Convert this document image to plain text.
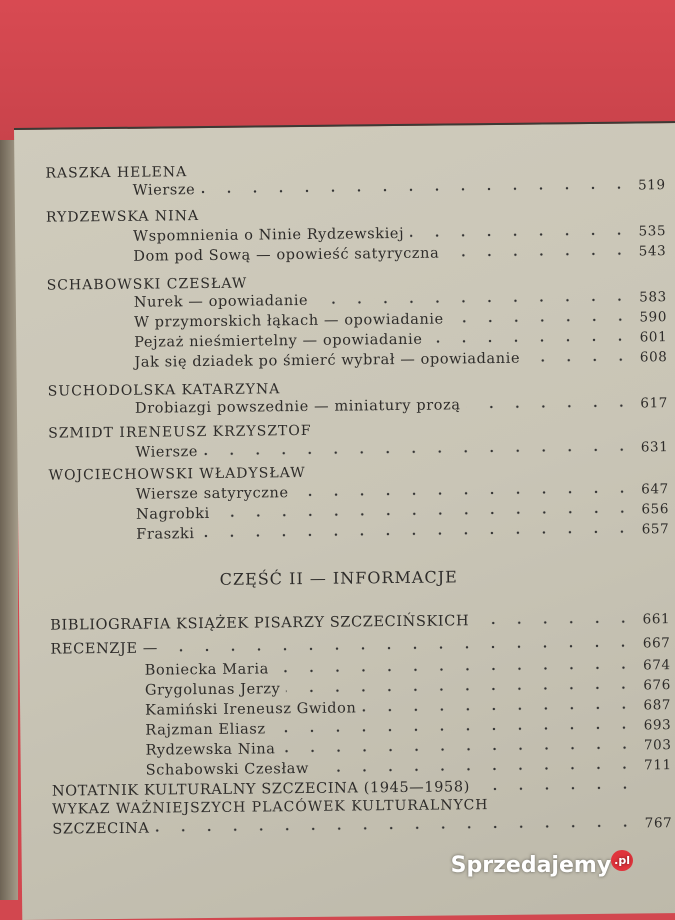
RASZKA HELENA
Wiersze	519
RYDZEWSKA NINA
Wspomnienia o Ninie Rydzewskiej	535
Dom pod Sową — opowieść satyryczna	543
SCHABOWSKI CZESŁAW
Nurek — opowiadanie	583
W przymorskich łąkach — opowiadanie	590
Pejzaż nieśmiertelny — opowiadanie	601
Jak się dziadek po śmierć wybrał — opowiadanie	608
SUCHODOLSKA KATARZYNA
Drobiazgi powszednie — miniatury prozą	617
SZMIDT IRENEUSZ KRZYSZTOF
Wiersze	631
WOJCIECHOWSKI WŁADYSŁAW
Wiersze satyryczne	647
Nagrobki	656
Fraszki	657
CZĘŚĆ II — INFORMACJE
BIBLIOGRAFIA KSIĄŻEK PISARZY SZCZECIŃSKICH	661
RECENZJE —	667
Boniecka Maria	674
Grygolunas Jerzy	676
Kamiński Ireneusz Gwidon	687
Rajzman Eliasz	693
Rydzewska Nina	703
Schabowski Czesław	711
NOTATNIK KULTURALNY SZCZECINA (1945—1958)
WYKAZ WAŻNIEJSZYCH PLACÓWEK KULTURALNYCH
SZCZECINA	767
Sprzedajemy $^{.pl}$
